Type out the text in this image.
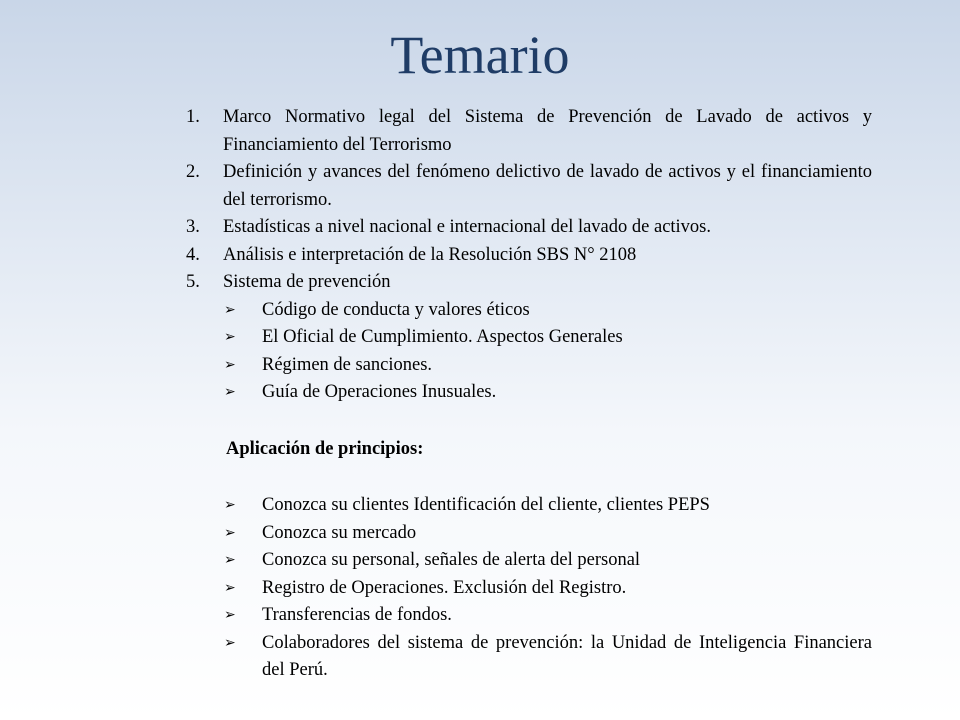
Temario
1.	Marco Normativo legal del Sistema de Prevención de Lavado de activos y Financiamiento del Terrorismo
2.	Definición y avances del fenómeno delictivo de lavado de activos y el financiamiento del terrorismo.
3.	Estadísticas a nivel nacional e internacional del lavado de activos.
4.	Análisis e interpretación de la Resolución SBS N° 2108
5.	Sistema de prevención
➢	Código de conducta y valores éticos
➢	El Oficial de Cumplimiento. Aspectos Generales
➢	Régimen de sanciones.
➢	Guía de Operaciones Inusuales.
Aplicación de principios:
➢	Conozca su clientes Identificación del cliente, clientes PEPS
➢	Conozca su mercado
➢	Conozca su personal, señales de alerta del personal
➢	Registro de Operaciones. Exclusión del Registro.
➢	Transferencias de fondos.
➢	Colaboradores del sistema de prevención: la Unidad de Inteligencia Financiera del Perú.
